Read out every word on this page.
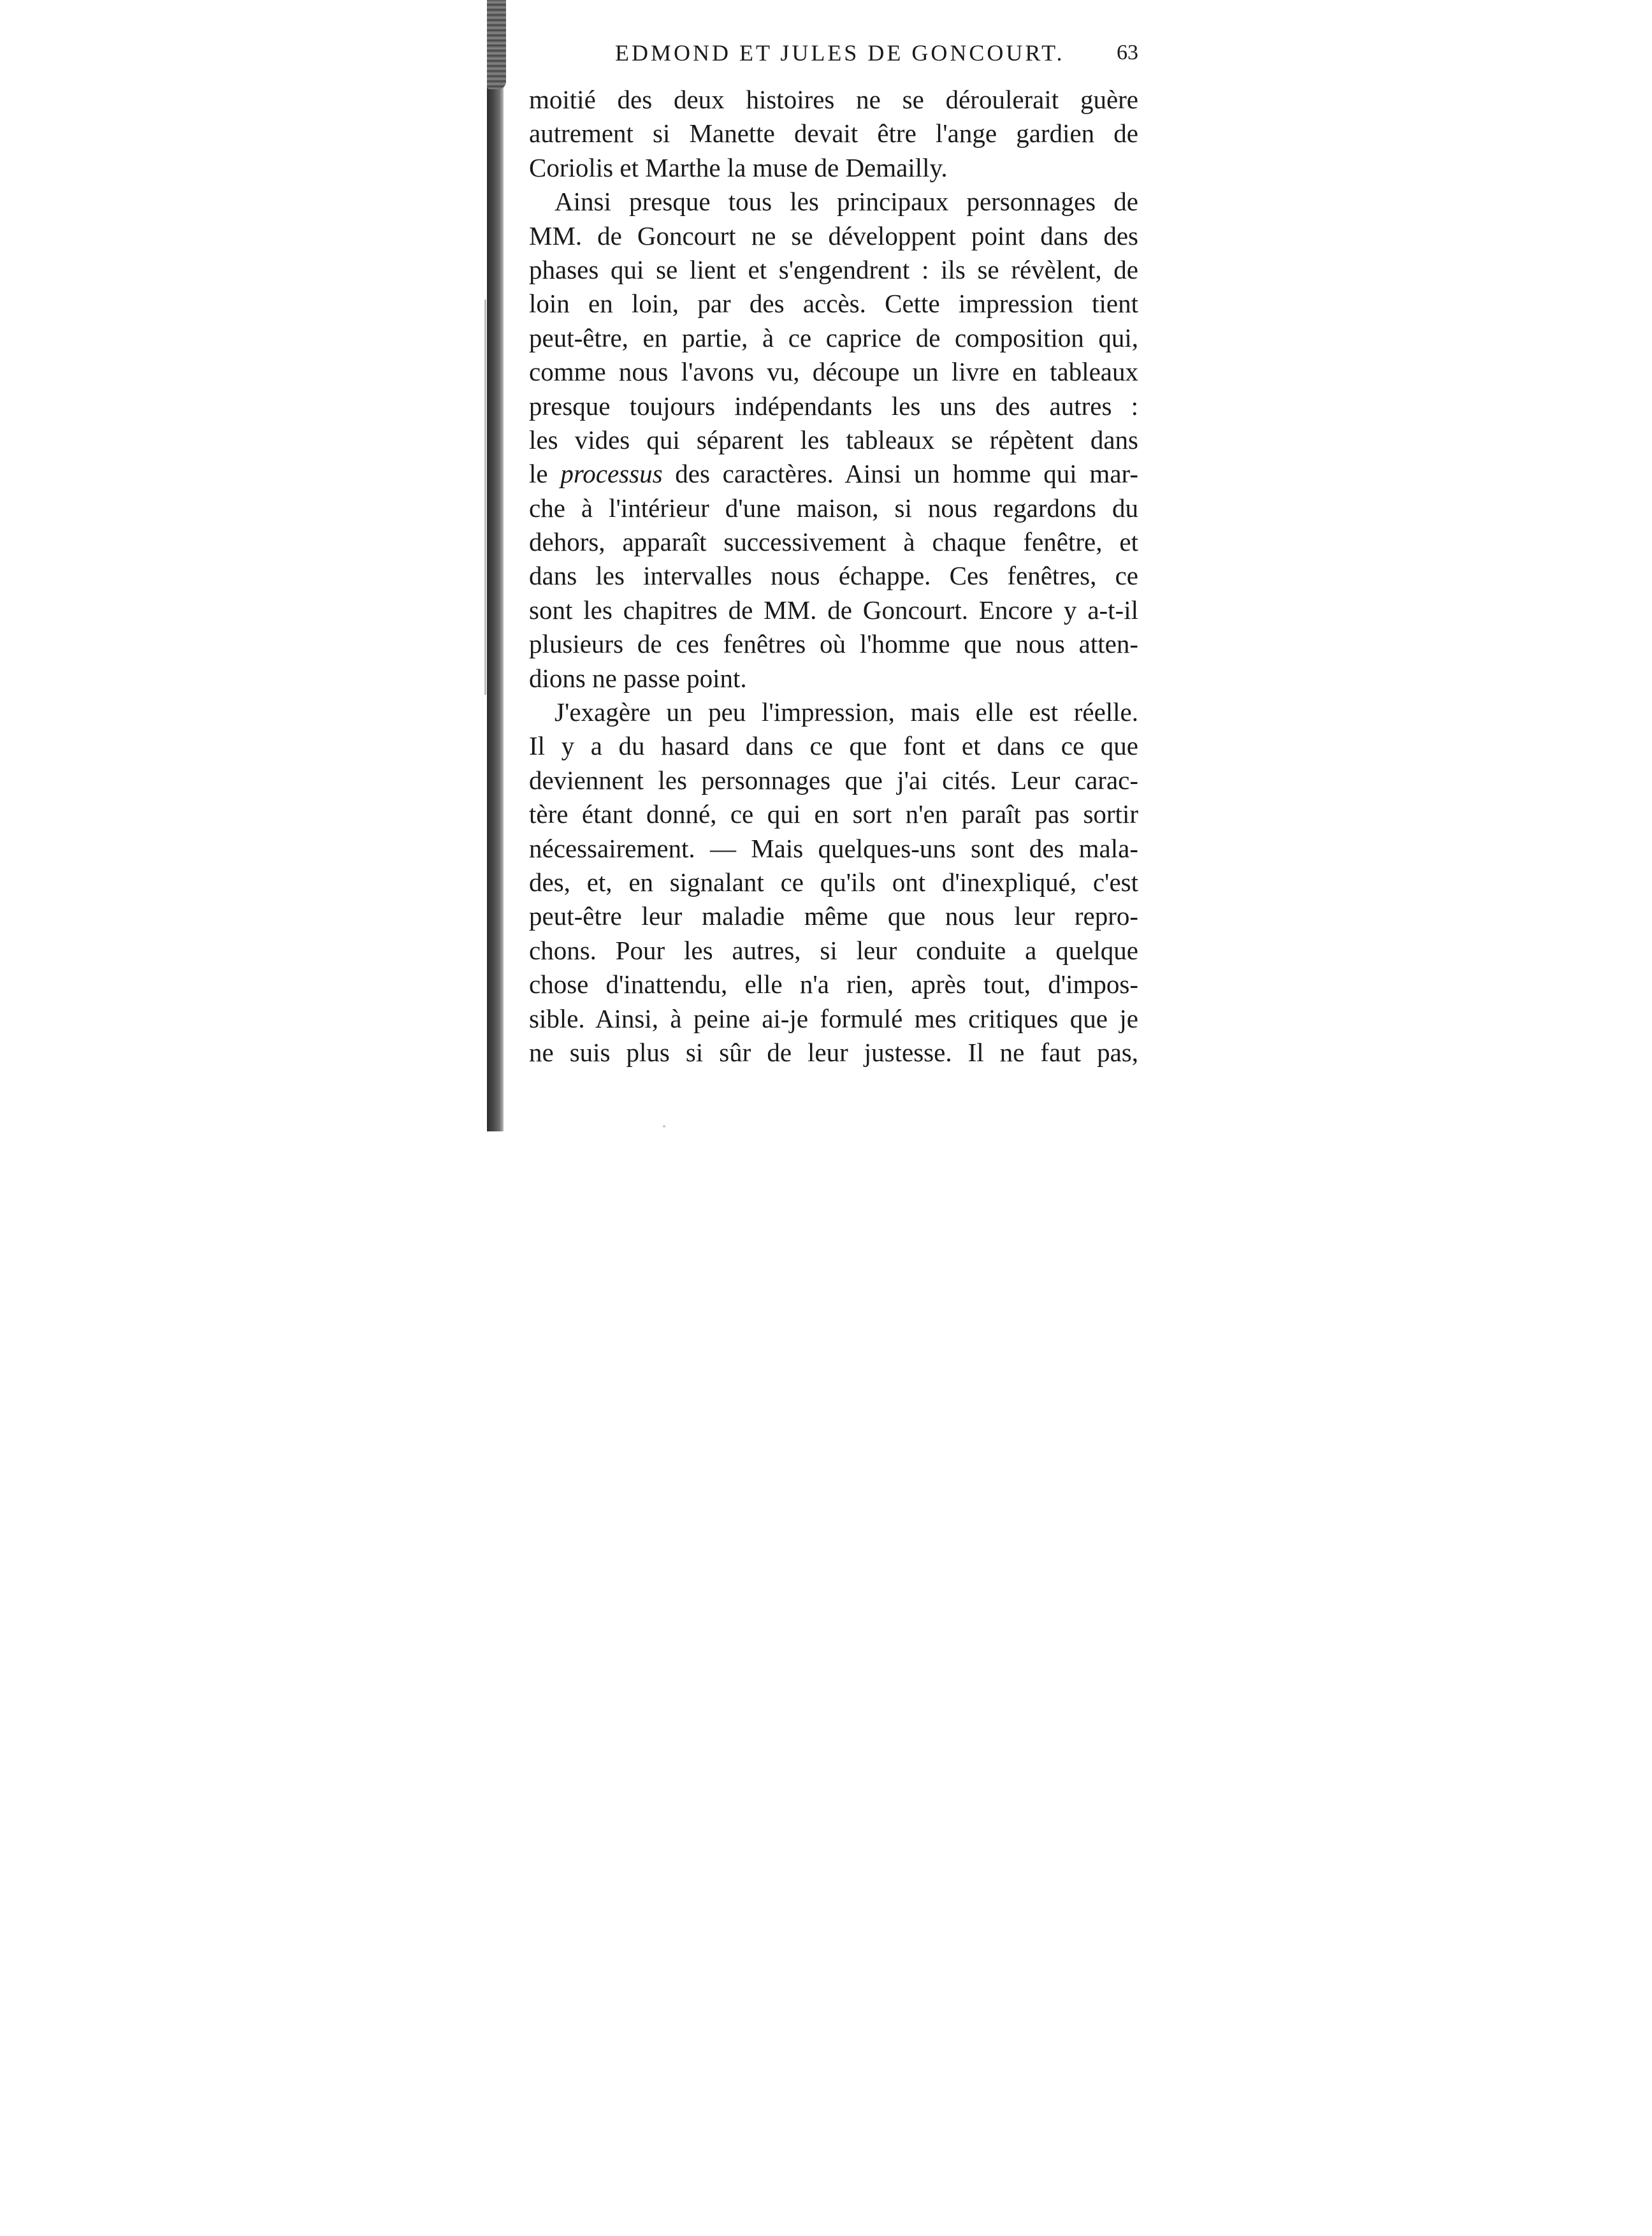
EDMOND ET JULES DE GONCOURT. 63
moitié des deux histoires ne se déroulerait guère
autrement si Manette devait être l'ange gardien de
Coriolis et Marthe la muse de Demailly.
Ainsi presque tous les principaux personnages de
MM. de Goncourt ne se développent point dans des
phases qui se lient et s'engendrent : ils se révèlent, de
loin en loin, par des accès. Cette impression tient
peut-être, en partie, à ce caprice de composition qui,
comme nous l'avons vu, découpe un livre en tableaux
presque toujours indépendants les uns des autres :
les vides qui séparent les tableaux se répètent dans
le processus des caractères. Ainsi un homme qui mar-
che à l'intérieur d'une maison, si nous regardons du
dehors, apparaît successivement à chaque fenêtre, et
dans les intervalles nous échappe. Ces fenêtres, ce
sont les chapitres de MM. de Goncourt. Encore y a-t-il
plusieurs de ces fenêtres où l'homme que nous atten-
dions ne passe point.
J'exagère un peu l'impression, mais elle est réelle.
Il y a du hasard dans ce que font et dans ce que
deviennent les personnages que j'ai cités. Leur carac-
tère étant donné, ce qui en sort n'en paraît pas sortir
nécessairement. — Mais quelques-uns sont des mala-
des, et, en signalant ce qu'ils ont d'inexpliqué, c'est
peut-être leur maladie même que nous leur repro-
chons. Pour les autres, si leur conduite a quelque
chose d'inattendu, elle n'a rien, après tout, d'impos-
sible. Ainsi, à peine ai-je formulé mes critiques que je
ne suis plus si sûr de leur justesse. Il ne faut pas,
